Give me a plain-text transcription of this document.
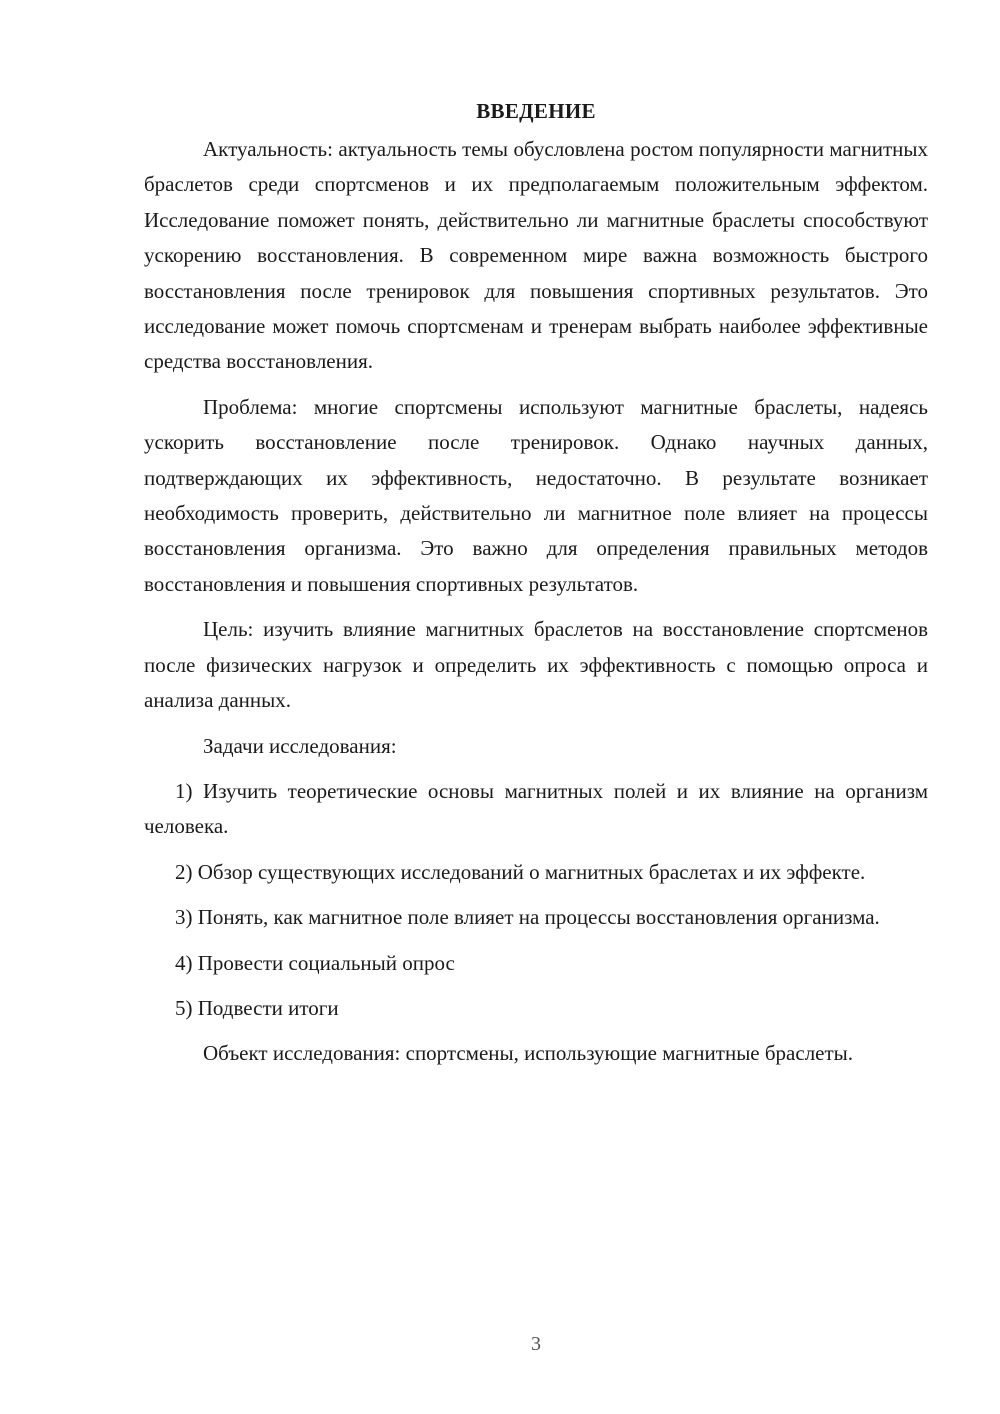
ВВЕДЕНИЕ

Актуальность: актуальность темы обусловлена ростом популярности магнитных браслетов среди спортсменов и их предполагаемым положительным эффектом. Исследование поможет понять, действительно ли магнитные браслеты способствуют ускорению восстановления. В современном мире важна возможность быстрого восстановления после тренировок для повышения спортивных результатов. Это исследование может помочь спортсменам и тренерам выбрать наиболее эффективные средства восстановления.

Проблема: многие спортсмены используют магнитные браслеты, надеясь ускорить восстановление после тренировок. Однако научных данных, подтверждающих их эффективность, недостаточно. В результате возникает необходимость проверить, действительно ли магнитное поле влияет на процессы восстановления организма. Это важно для определения правильных методов восстановления и повышения спортивных результатов.

Цель: изучить влияние магнитных браслетов на восстановление спортсменов после физических нагрузок и определить их эффективность с помощью опроса и анализа данных.

Задачи исследования:

1) Изучить теоретические основы магнитных полей и их влияние на организм человека.

2) Обзор существующих исследований о магнитных браслетах и их эффекте.

3) Понять, как магнитное поле влияет на процессы восстановления организма.

4) Провести социальный опрос

5) Подвести итоги

Объект исследования: спортсмены, использующие магнитные браслеты.

3
